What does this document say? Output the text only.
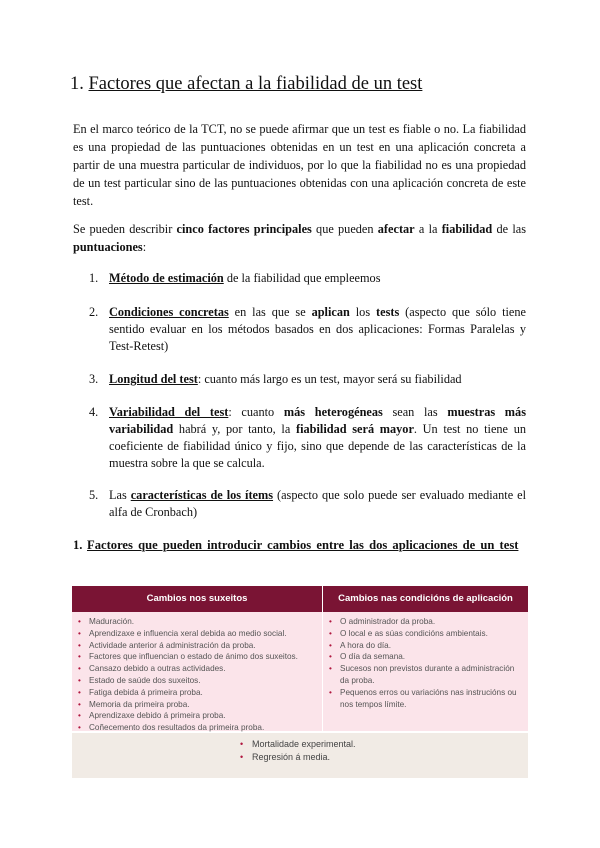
1. Factores que afectan a la fiabilidad de un test

En el marco teórico de la TCT, no se puede afirmar que un test es fiable o no. La fiabilidad es una propiedad de las puntuaciones obtenidas en un test en una aplicación concreta a partir de una muestra particular de individuos, por lo que la fiabilidad no es una propiedad de un test particular sino de las puntuaciones obtenidas con una aplicación concreta de este test.

Se pueden describir cinco factores principales que pueden afectar a la fiabilidad de las puntuaciones:

1. Método de estimación de la fiabilidad que empleemos
2. Condiciones concretas en las que se aplican los tests (aspecto que sólo tiene sentido evaluar en los métodos basados en dos aplicaciones: Formas Paralelas y Test-Retest)
3. Longitud del test: cuanto más largo es un test, mayor será su fiabilidad
4. Variabilidad del test: cuanto más heterogéneas sean las muestras más variabilidad habrá y, por tanto, la fiabilidad será mayor. Un test no tiene un coeficiente de fiabilidad único y fijo, sino que depende de las características de la muestra sobre la que se calcula.
5. Las características de los ítems (aspecto que solo puede ser evaluado mediante el alfa de Cronbach)
1. Factores que pueden introducir cambios entre las dos aplicaciones de un test
Cambios nos suxeitos	Cambios nas condicións de aplicación
• Maduración.
• Aprendizaxe e influencia xeral debida ao medio social.
• Actividade anterior á administración da proba.
• Factores que influencian o estado de ánimo dos suxeitos.
• Cansazo debido a outras actividades.
• Estado de saúde dos suxeitos.
• Fatiga debida á primeira proba.
• Memoria da primeira proba.
• Aprendizaxe debido á primeira proba.
• Coñecemento dos resultados da primeira proba.
• O administrador da proba.
• O local e as súas condicións ambientais.
• A hora do día.
• O día da semana.
• Sucesos non previstos durante a administración da proba.
• Pequenos erros ou variacións nas instrucións ou nos tempos límite.
• Mortalidade experimental.
• Regresión á media.
